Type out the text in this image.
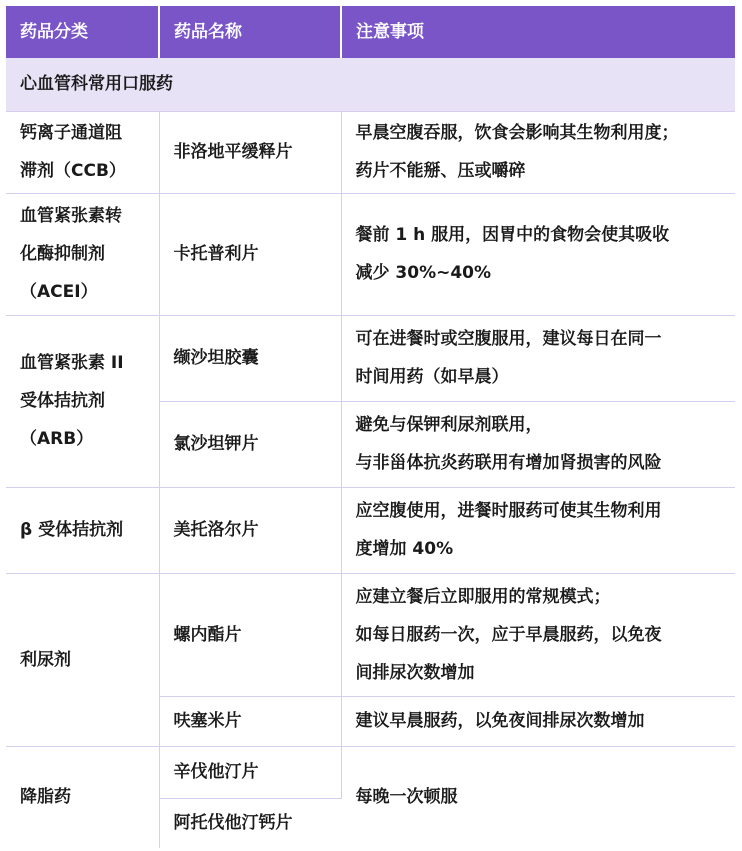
药品分类	药品名称	注意事项
心血管科常用口服药		

钙离子通道阻
滞剂（CCB）	非洛地平缓释片	早晨空腹吞服，饮食会影响其生物利用度；
药片不能掰、压或嚼碎

血管紧张素转
化酶抑制剂
（ACEI）	卡托普利片	餐前 1 h 服用，因胃中的食物会使其吸收
减少 30%~40%

血管紧张素 II
受体拮抗剂
（ARB）	缬沙坦胶囊	可在进餐时或空腹服用，建议每日在同一
时间用药（如早晨）

	氯沙坦钾片	避免与保钾利尿剂联用，
与非甾体抗炎药联用有增加肾损害的风险

β 受体拮抗剂	美托洛尔片	应空腹使用，进餐时服药可使其生物利用
度增加 40%

利尿剂	螺内酯片	应建立餐后立即服用的常规模式；
如每日服药一次，应于早晨服药，以免夜
间排尿次数增加

	呋塞米片	建议早晨服药，以免夜间排尿次数增加
降脂药	辛伐他汀片	每晚一次顿服
	阿托伐他汀钙片	
